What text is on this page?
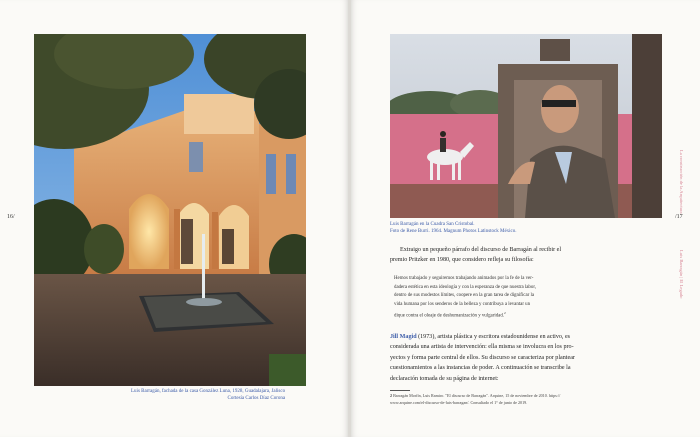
Luis Barragán, fachada de la casa González Luna, 1928, Guadalajara, Jalisco
Cortesía Carlos Díaz Corona
16/
Luis Barragán en la Cuadra San Cristobal.
Foto de Rene Burri. 1964. Magnum Photos Latinstock México.
/17
La construcción de la Arquitectura
Luis Barragán | El Legado
Extraigo un pequeño párrafo del discurso de Barragán al recibir el
premio Pritzker en 1980, que considero refleja su filosofía:
Hemos trabajado y seguiremos trabajando animados por la fe de la ver-
dadera estética en esta ideología y con la esperanza de que nuestra labor,
dentro de sus modestos límites, coopere en la gran tarea de dignificar la
vida humana por los senderos de la belleza y contribuya a levantar un
dique contra el oleaje de deshumanización y vulgaridad.$^2$
Jill Magid (1973), artista plástica y escritora estadounidense en activo, es
considerada una artista de intervención: ella misma se involucra en los pro-
yectos y forma parte central de ellos. Su discurso se caracteriza por plantear
cuestionamientos a las instancias de poder. A continuación se transcribe la
declaración tomada de su página de internet:
2 Barragán Morfín, Luis Ramiro. "El discurso de Barragán". Arquine, 15 de noviembre de 2010. https://
www.arquine.com/el-discurso-de-luis-barragan/. Consultado el 1° de junio de 2019.
